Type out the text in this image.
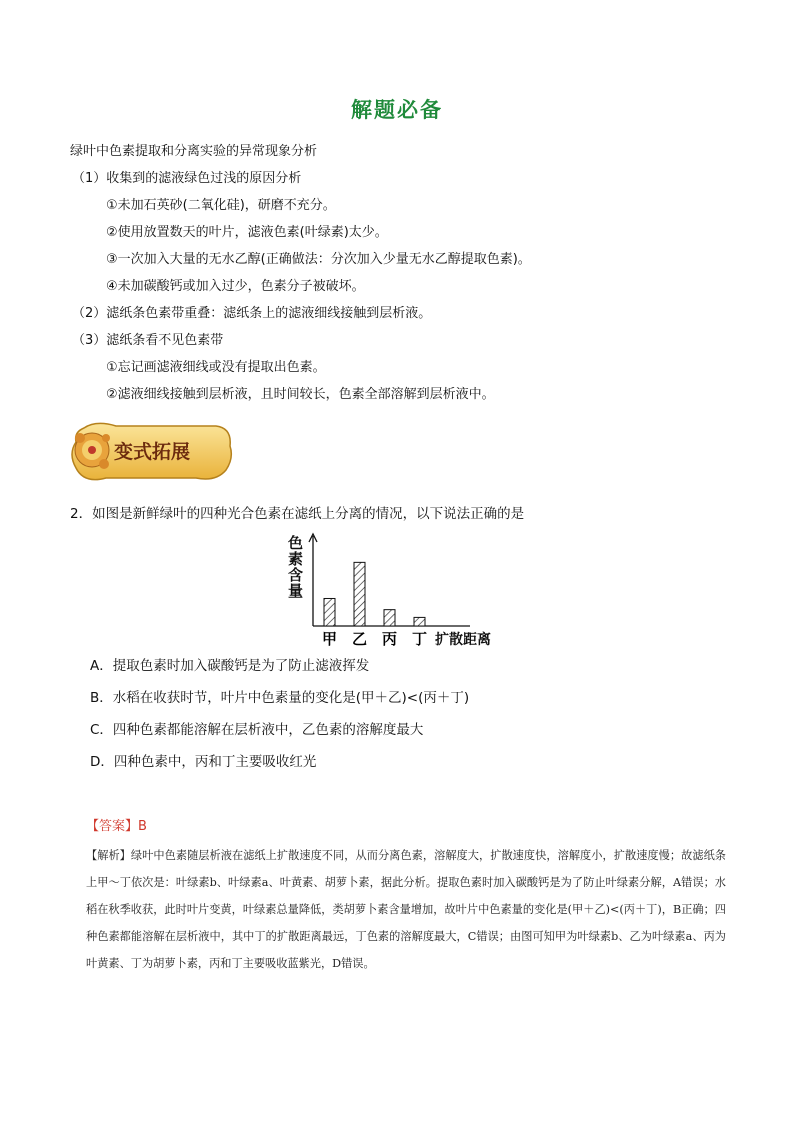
解题必备
绿叶中色素提取和分离实验的异常现象分析
（1）收集到的滤液绿色过浅的原因分析
①未加石英砂(二氧化硅)，研磨不充分。
②使用放置数天的叶片，滤液色素(叶绿素)太少。
③一次加入大量的无水乙醇(正确做法：分次加入少量无水乙醇提取色素)。
④未加碳酸钙或加入过少，色素分子被破坏。
（2）滤纸条色素带重叠：滤纸条上的滤液细线接触到层析液。
（3）滤纸条看不见色素带
①忘记画滤液细线或没有提取出色素。
②滤液细线接触到层析液，且时间较长，色素全部溶解到层析液中。
变式拓展
2．如图是新鲜绿叶的四种光合色素在滤纸上分离的情况，以下说法正确的是
色素含量
甲 乙 丙 丁 扩散距离
A．提取色素时加入碳酸钙是为了防止滤液挥发
B．水稻在收获时节，叶片中色素量的变化是(甲＋乙)<(丙＋丁)
C．四种色素都能溶解在层析液中，乙色素的溶解度最大
D．四种色素中，丙和丁主要吸收红光
【答案】B
【解析】绿叶中色素随层析液在滤纸上扩散速度不同，从而分离色素，溶解度大，扩散速度快，溶解度小，扩散速度慢；故滤纸条上甲～丁依次是：叶绿素b、叶绿素a、叶黄素、胡萝卜素，据此分析。提取色素时加入碳酸钙是为了防止叶绿素分解，A错误；水稻在秋季收获，此时叶片变黄，叶绿素总量降低，类胡萝卜素含量增加，故叶片中色素量的变化是(甲＋乙)<(丙＋丁)，B正确；四种色素都能溶解在层析液中，其中丁的扩散距离最远，丁色素的溶解度最大，C错误；由图可知甲为叶绿素b、乙为叶绿素a、丙为叶黄素、丁为胡萝卜素，丙和丁主要吸收蓝紫光，D错误。
